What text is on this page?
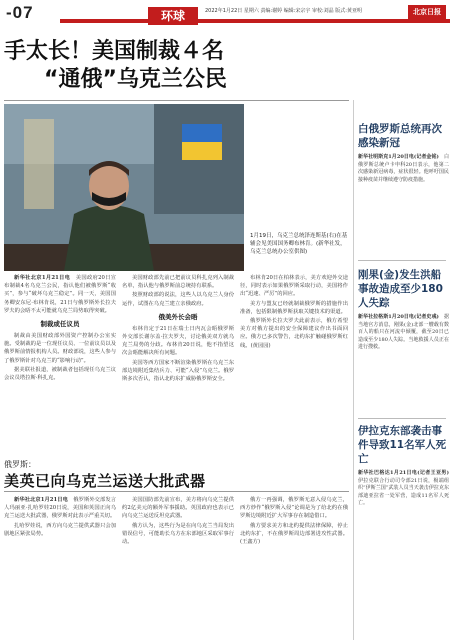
-07	环球	2022年1月22日 星期六 责编:谢婷 编辑:宋宗宇 审校:刘晶 版式:黄亚明	北京日报
手太长！美国制裁４名
“通俄”乌克兰公民
1月19日，乌克兰总统泽连斯基(右)在基辅会见美国国务卿布林肯。(新华社发，乌克兰总统办公室供图)

新华社北京1月21日电　 美国政府20日宣布制裁4名乌克兰公民，指认他们被俄罗斯“收买”，参与“破坏乌克兰稳定”。同一天，美国国务卿安东尼·布林肯说，21日与俄罗斯外长拉夫罗夫的会晤不太可能就乌克兰局势取得突破。

制裁或任议员

制裁由美国财政部外国资产控制办公室实施。受制裁的是一位现任议员、一位前议员以及俄罗斯前情报机构人员。财政部说，这些人参与了俄罗斯针对乌克兰的“影响行动”。

据美联社报道，被制裁者包括现任乌克兰议会议员塔拉斯·科扎克。

美国财政部先前已把前议员科扎克列入制裁名单，指认他与俄罗斯前总统持有联系。

按照财政部的说法，这些人以乌克兰人身份运作，试图在乌克兰建立亲俄政府。

俄美外长会晤

布林肯定于21日在瑞士日内瓦会晤俄罗斯外交部长谢尔盖·拉夫罗夫，讨论俄美双方就乌克兰局势的分歧。布林肯20日说，他不指望这次会晤能解决所有问题。

美国等西方国家不断渲染俄罗斯在乌克兰东部边境附近集结兵力、可能“入侵”乌克兰。俄罗斯多次否认，指认北约东扩威胁俄罗斯安全。

布林肯20日在柏林表示，美方欢迎外交途径，同时表示如果俄罗斯采取行动，美国将作出“迅速、严厉”的回应。

美方与盟友已经就制裁俄罗斯的措施作出准备，包括限制俄罗斯获取关键技术的渠道。

俄罗斯外长拉夫罗夫此前表示，俄方希望美方对俄方提出的安全保障建议作出书面回应。俄方已多次警告，北约东扩触碰俄罗斯红线。(黄园园)

俄罗斯：
美英已向乌克兰运送大批武器

新华社北京1月21日电　 俄罗斯外交部发言人玛丽亚·扎哈罗娃20日说，美国和英国正向乌克兰运送大批武器，俄罗斯对此表示严重关切。

扎哈罗娃说，西方向乌克兰提供武器只会加剧地区紧张局势。

美国国防部先前宣布，美方将向乌克兰提供约2亿美元的额外军事援助。英国政府也表示已向乌克兰运送反坦克武器。

俄方认为，这些行为是在向乌克兰当局发出错误信号，可能助长乌方在东部地区采取军事行动。

俄方一再强调，俄罗斯无意入侵乌克兰，西方炒作“俄罗斯入侵”论调是为了给北约在俄罗斯边境附近扩大军事存在制造借口。

俄方要求美方和北约提供法律保障，停止北约东扩，不在俄罗斯周边部署进攻性武器。(王鑫方)

白俄罗斯总统再次感染新冠
新华社明斯克1月20日电(记者金铭)　 白俄罗斯总统卢卡申科20日表示，他第二次感染新冠病毒，症状很轻。他呼吁国民接种疫苗并继续遵守防疫措施。
刚果(金)发生洪船事故造成至少180人失踪
新华社拉格斯1月20日电(记者史彧)　 据当地官方消息，刚果(金)北部一艘载有数百人的船只在河流中倾覆，截至20日已造成至少180人失踪。当地救援人员正在进行搜救。
伊拉克东部袭击事件导致11名军人死亡
新华社巴格达1月21日电(记者王亚男)　伊拉克联合行动司令部21日说，极端组织“伊斯兰国”武装人员当天袭击伊拉克东部迪亚拉省一处军营，造成11名军人死亡。
